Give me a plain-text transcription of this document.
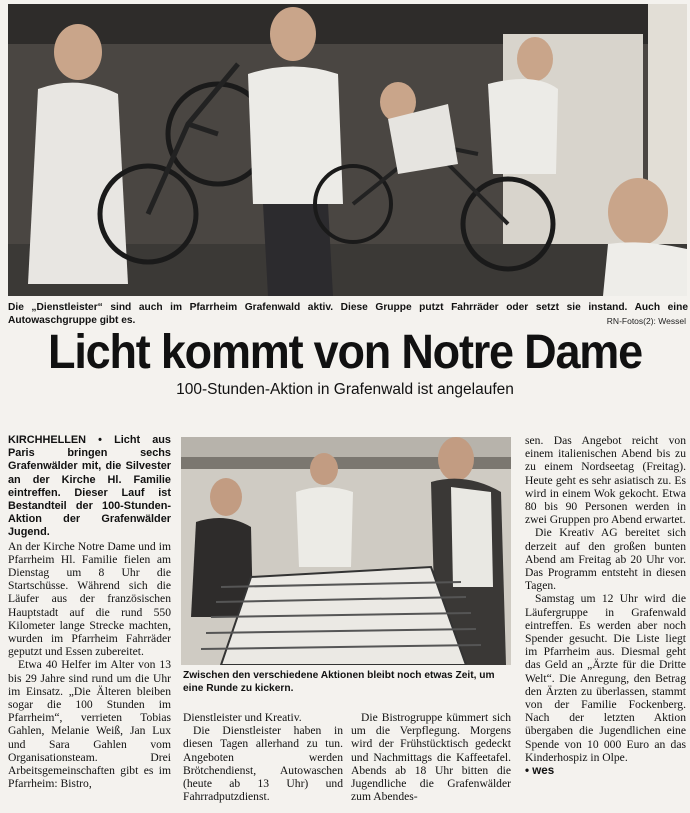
Die „Dienstleister“ sind auch im Pfarrheim Grafenwald aktiv. Diese Gruppe putzt Fahrräder oder setzt sie instand. Auch eine Autowaschgruppe gibt es.	RN-Fotos(2): Wessel
Licht kommt von Notre Dame
100-Stunden-Aktion in Grafenwald ist angelaufen

KIRCHHELLEN • Licht aus Paris bringen sechs Grafenwälder mit, die Silvester an der Kirche Hl. Familie eintreffen. Dieser Lauf ist Bestandteil der 100-Stunden-Aktion der Grafenwälder Jugend.

An der Kirche Notre Dame und im Pfarrheim Hl. Familie fielen am Dienstag um 8 Uhr die Startschüsse. Während sich die Läufer aus der französischen Hauptstadt auf die rund 550 Kilometer lange Strecke machten, wurden im Pfarrheim Fahrräder geputzt und Essen zubereitet.

Etwa 40 Helfer im Alter von 13 bis 29 Jahre sind rund um die Uhr im Einsatz. „Die Älteren bleiben sogar die 100 Stunden im Pfarrheim“, verrieten Tobias Gahlen, Melanie Weiß, Jan Lux und Sara Gahlen vom Organisationsteam. Drei Arbeitsgemeinschaften gibt es im Pfarrheim: Bistro,

Zwischen den verschiedene Aktionen bleibt noch etwas Zeit, um eine Runde zu kickern.

Dienstleister und Kreativ.

Die Dienstleister haben in diesen Tagen allerhand zu tun. Angeboten werden Brötchendienst, Autowaschen (heute ab 13 Uhr) und Fahrradputzdienst.

Die Bistrogruppe kümmert sich um die Verpflegung. Morgens wird der Frühstücktisch gedeckt und Nachmittags die Kaffeetafel. Abends ab 18 Uhr bitten die Jugendliche die Grafenwälder zum Abendes-

sen. Das Angebot reicht von einem italienischen Abend bis zu zu einem Nordseetag (Freitag). Heute geht es sehr asiatisch zu. Es wird in einem Wok gekocht. Etwa 80 bis 90 Personen werden in zwei Gruppen pro Abend erwartet.

Die Kreativ AG bereitet sich derzeit auf den großen bunten Abend am Freitag ab 20 Uhr vor. Das Programm entsteht in diesen Tagen.

Samstag um 12 Uhr wird die Läufergruppe in Grafenwald eintreffen. Es werden aber noch Spender gesucht. Die Liste liegt im Pfarrheim aus. Diesmal geht das Geld an „Ärzte für die Dritte Welt“. Die Anregung, den Betrag den Ärzten zu überlassen, stammt von der Familie Fockenberg. Nach der letzten Aktion übergaben die Jugendlichen eine Spende von 10 000 Euro an das Kinderhospiz in Olpe.

• wes
